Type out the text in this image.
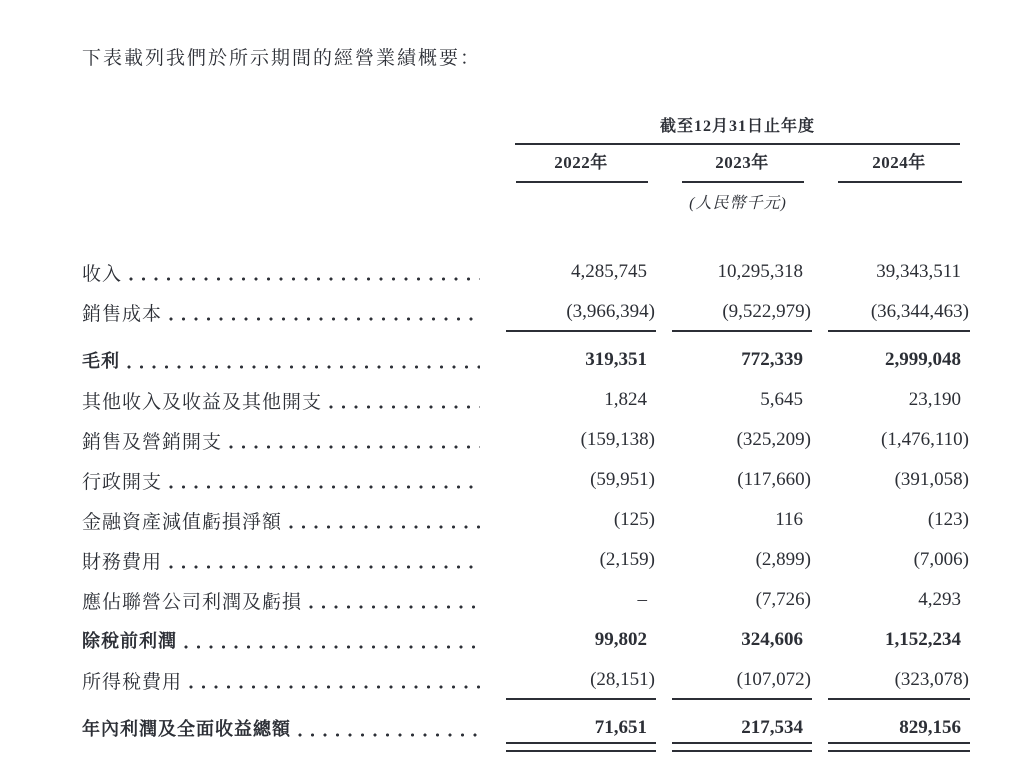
下表載列我們於所示期間的經營業績概要：
截至12月31日止年度
2022年	2023年	2024年
(人民幣千元)
收入	4,285,745	10,295,318	39,343,511
銷售成本	(3,966,394)	(9,522,979)	(36,344,463)
毛利	319,351	772,339	2,999,048
其他收入及收益及其他開支	1,824	5,645	23,190
銷售及營銷開支	(159,138)	(325,209)	(1,476,110)
行政開支	(59,951)	(117,660)	(391,058)
金融資產減值虧損淨額	(125)	116	(123)
財務費用	(2,159)	(2,899)	(7,006)
應佔聯營公司利潤及虧損	–	(7,726)	4,293
除稅前利潤	99,802	324,606	1,152,234
所得稅費用	(28,151)	(107,072)	(323,078)
年內利潤及全面收益總額	71,651	217,534	829,156
